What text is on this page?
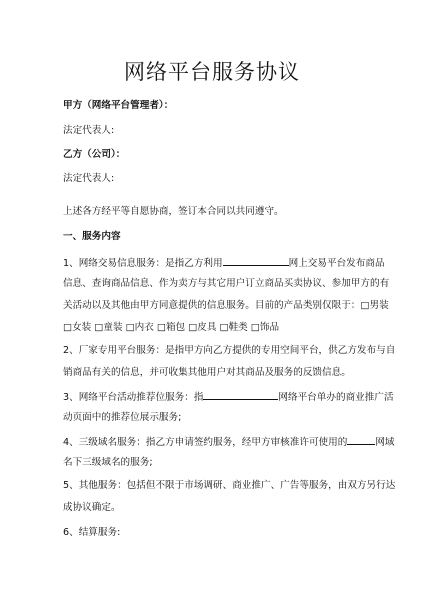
网络平台服务协议
甲方（网络平台管理者）：
法定代表人:
乙方（公司）：
法定代表人:
上述各方经平等自愿协商，签订本合同以共同遵守。
一、服务内容
1、网络交易信息服务：是指乙方利用	网上交易平台发布商品
信息、查询商品信息、作为卖方与其它用户订立商品买卖协议、参加甲方的有
关活动以及其他由甲方同意提供的信息服务。目前的产品类别仅限于：□男装
□女装 □童装 □内衣 □箱包 □皮具 □鞋类 □饰品
2、厂家专用平台服务：是指甲方向乙方提供的专用空间平台，供乙方发布与自
销商品有关的信息，并可收集其他用户对其商品及服务的反馈信息。
3、网络平台活动推荐位服务：指	网络平台单办的商业推广活
动页面中的推荐位展示服务;
4、三级域名服务：指乙方申请签约服务，经甲方审核准许可使用的	网域
名下三级域名的服务;
5、其他服务：包括但不限于市场调研、商业推广、广告等服务，由双方另行达
成协议确定。
6、结算服务:
